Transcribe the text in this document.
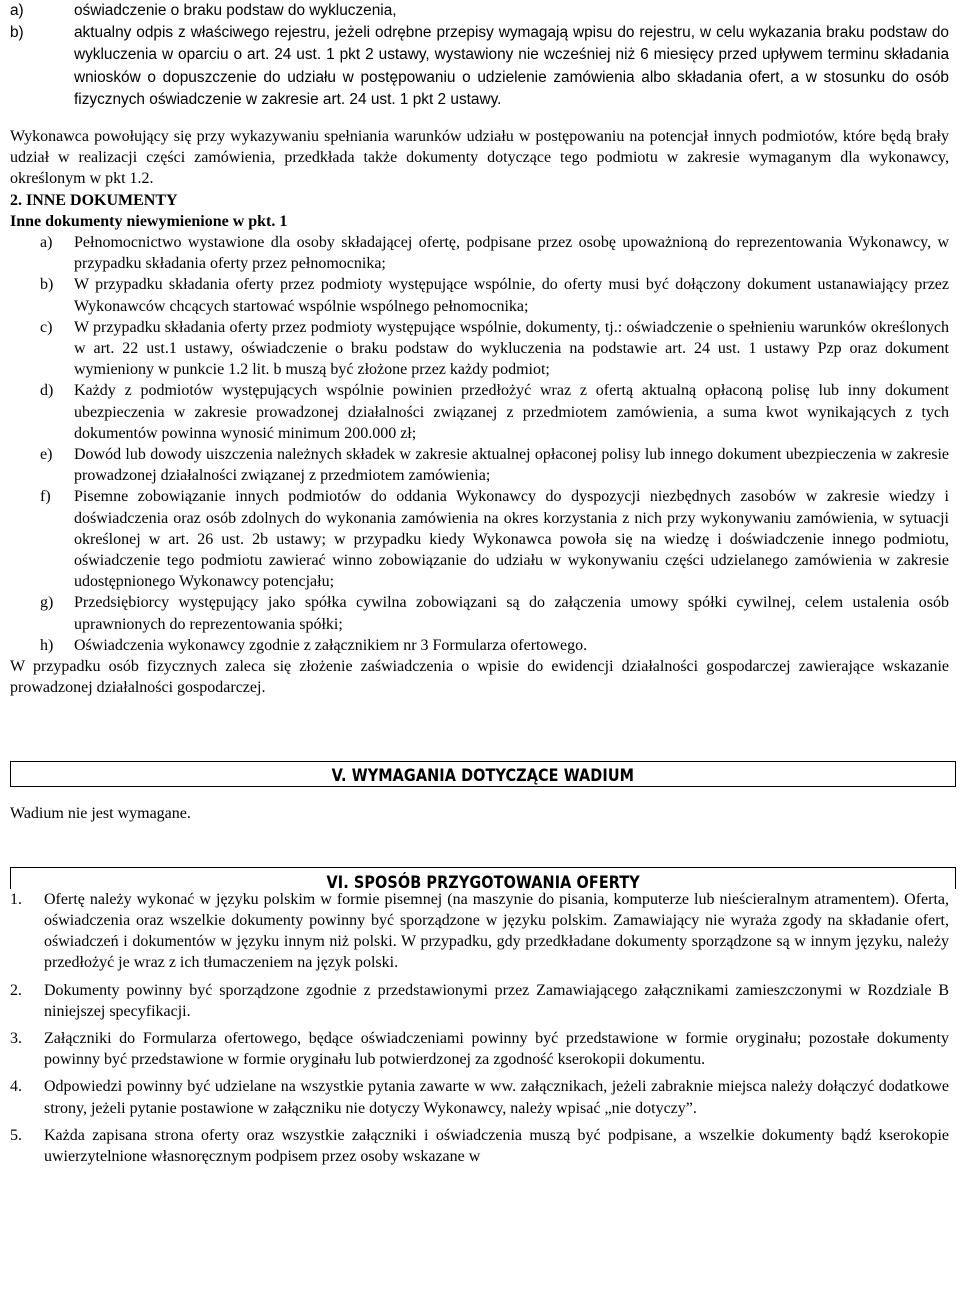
a)	oświadczenie o braku podstaw do wykluczenia,
b)	aktualny odpis z właściwego rejestru, jeżeli odrębne przepisy wymagają wpisu do rejestru, w celu wykazania braku podstaw do wykluczenia w oparciu o art. 24 ust. 1 pkt 2 ustawy, wystawiony nie wcześniej niż 6 miesięcy przed upływem terminu składania wniosków o dopuszczenie do udziału w postępowaniu o udzielenie zamówienia albo składania ofert, a w stosunku do osób fizycznych oświadczenie w zakresie art. 24 ust. 1 pkt 2 ustawy.

Wykonawca powołujący się przy wykazywaniu spełniania warunków udziału w postępowaniu na potencjał innych podmiotów, które będą brały udział w realizacji części zamówienia, przedkłada także dokumenty dotyczące tego podmiotu w zakresie wymaganym dla wykonawcy, określonym w pkt 1.2.

2. INNE DOKUMENTY

Inne dokumenty niewymienione w pkt. 1

a)	Pełnomocnictwo wystawione dla osoby składającej ofertę, podpisane przez osobę upoważnioną do reprezentowania Wykonawcy, w przypadku składania oferty przez pełnomocnika;
b)	W przypadku składania oferty przez podmioty występujące wspólnie, do oferty musi być dołączony dokument ustanawiający przez Wykonawców chcących startować wspólnie wspólnego pełnomocnika;
c)	W przypadku składania oferty przez podmioty występujące wspólnie, dokumenty, tj.: oświadczenie o spełnieniu warunków określonych w art. 22 ust.1 ustawy, oświadczenie o braku podstaw do wykluczenia na podstawie art. 24 ust. 1 ustawy Pzp oraz dokument wymieniony w punkcie 1.2 lit. b muszą być złożone przez każdy podmiot;
d)	Każdy z podmiotów występujących wspólnie powinien przedłożyć wraz z ofertą aktualną opłaconą polisę lub inny dokument ubezpieczenia w zakresie prowadzonej działalności związanej z przedmiotem zamówienia, a suma kwot wynikających z tych dokumentów powinna wynosić minimum 200.000 zł;
e)	Dowód lub dowody uiszczenia należnych składek w zakresie aktualnej opłaconej polisy lub innego dokument ubezpieczenia w zakresie prowadzonej działalności związanej z przedmiotem zamówienia;
f)	Pisemne zobowiązanie innych podmiotów do oddania Wykonawcy do dyspozycji niezbędnych zasobów w zakresie wiedzy i doświadczenia oraz osób zdolnych do wykonania zamówienia na okres korzystania z nich przy wykonywaniu zamówienia, w sytuacji określonej w art. 26 ust. 2b ustawy; w przypadku kiedy Wykonawca powoła się na wiedzę i doświadczenie innego podmiotu, oświadczenie tego podmiotu zawierać winno zobowiązanie do udziału w wykonywaniu części udzielanego zamówienia w zakresie udostępnionego Wykonawcy potencjału;
g)	Przedsiębiorcy występujący jako spółka cywilna zobowiązani są do załączenia umowy spółki cywilnej, celem ustalenia osób uprawnionych do reprezentowania spółki;
h)	Oświadczenia wykonawcy zgodnie z załącznikiem nr 3 Formularza ofertowego.

W przypadku osób fizycznych zaleca się złożenie zaświadczenia o wpisie do ewidencji działalności gospodarczej zawierające wskazanie prowadzonej działalności gospodarczej.

V. WYMAGANIA DOTYCZĄCE WADIUM

Wadium nie jest wymagane.

VI. SPOSÓB PRZYGOTOWANIA OFERTY
1.	Ofertę należy wykonać w języku polskim w formie pisemnej (na maszynie do pisania, komputerze lub nieścieralnym atramentem). Oferta, oświadczenia oraz wszelkie dokumenty powinny być sporządzone w języku polskim. Zamawiający nie wyraża zgody na składanie ofert, oświadczeń i dokumentów w języku innym niż polski. W przypadku, gdy przedkładane dokumenty sporządzone są w innym języku, należy przedłożyć je wraz z ich tłumaczeniem na język polski.
2.	Dokumenty powinny być sporządzone zgodnie z przedstawionymi przez Zamawiającego załącznikami zamieszczonymi w Rozdziale B niniejszej specyfikacji.
3.	Załączniki do Formularza ofertowego, będące oświadczeniami powinny być przedstawione w formie oryginału; pozostałe dokumenty powinny być przedstawione w formie oryginału lub potwierdzonej za zgodność kserokopii dokumentu.
4.	Odpowiedzi powinny być udzielane na wszystkie pytania zawarte w ww. załącznikach, jeżeli zabraknie miejsca należy dołączyć dodatkowe strony, jeżeli pytanie postawione w załączniku nie dotyczy Wykonawcy, należy wpisać „nie dotyczy”.
5.	Każda zapisana strona oferty oraz wszystkie załączniki i oświadczenia muszą być podpisane, a wszelkie dokumenty bądź kserokopie uwierzytelnione własnoręcznym podpisem przez osoby wskazane w
